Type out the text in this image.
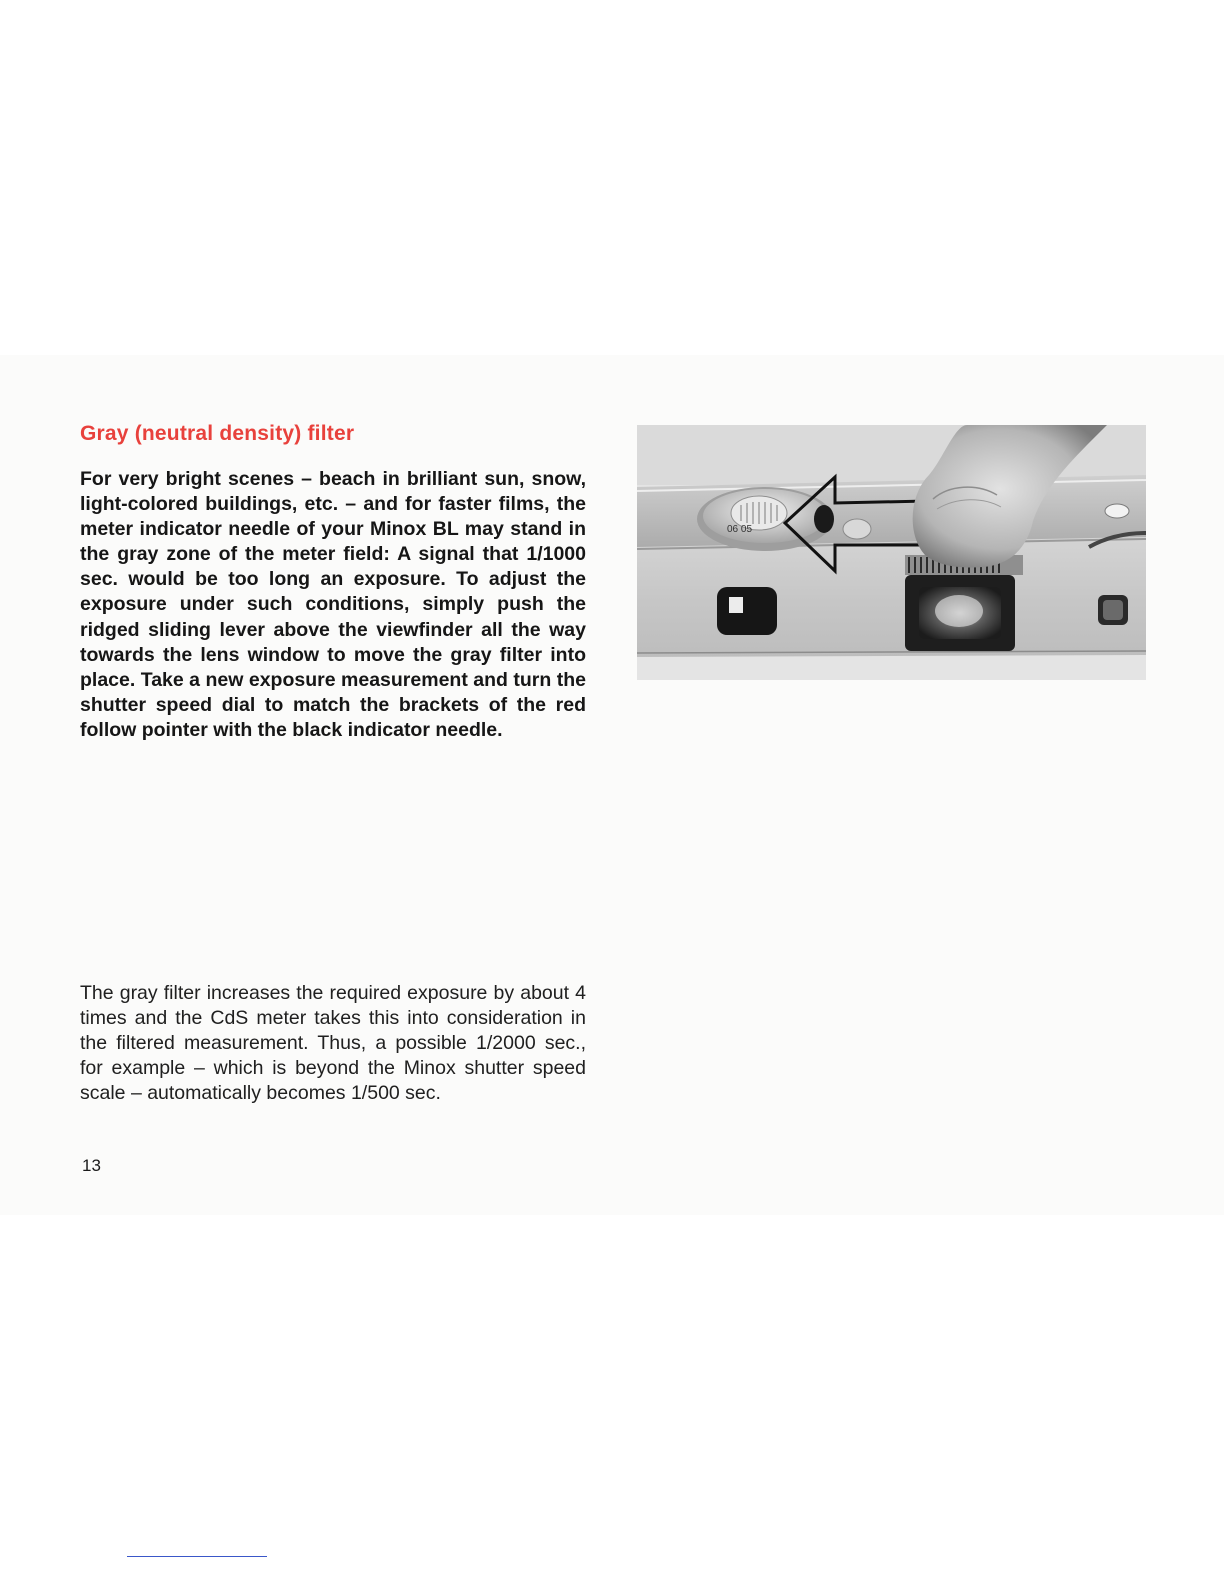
Gray (neutral density) filter

For very bright scenes – beach in brilliant sun, snow, light-colored buildings, etc. – and for faster films, the meter indicator needle of your Minox BL may stand in the gray zone of the meter field: A signal that 1/1000 sec. would be too long an exposure. To adjust the exposure under such conditions, simply push the ridged sliding lever above the viewfinder all the way towards the lens window to move the gray filter into place. Take a new exposure measurement and turn the shutter speed dial to match the brackets of the red follow pointer with the black indicator needle.

06 05

The gray filter increases the required exposure by about 4 times and the CdS meter takes this into consideration in the filtered measurement. Thus, a possible 1/2000 sec., for example – which is beyond the Minox shutter speed scale – automatically becomes 1/500 sec.

13
